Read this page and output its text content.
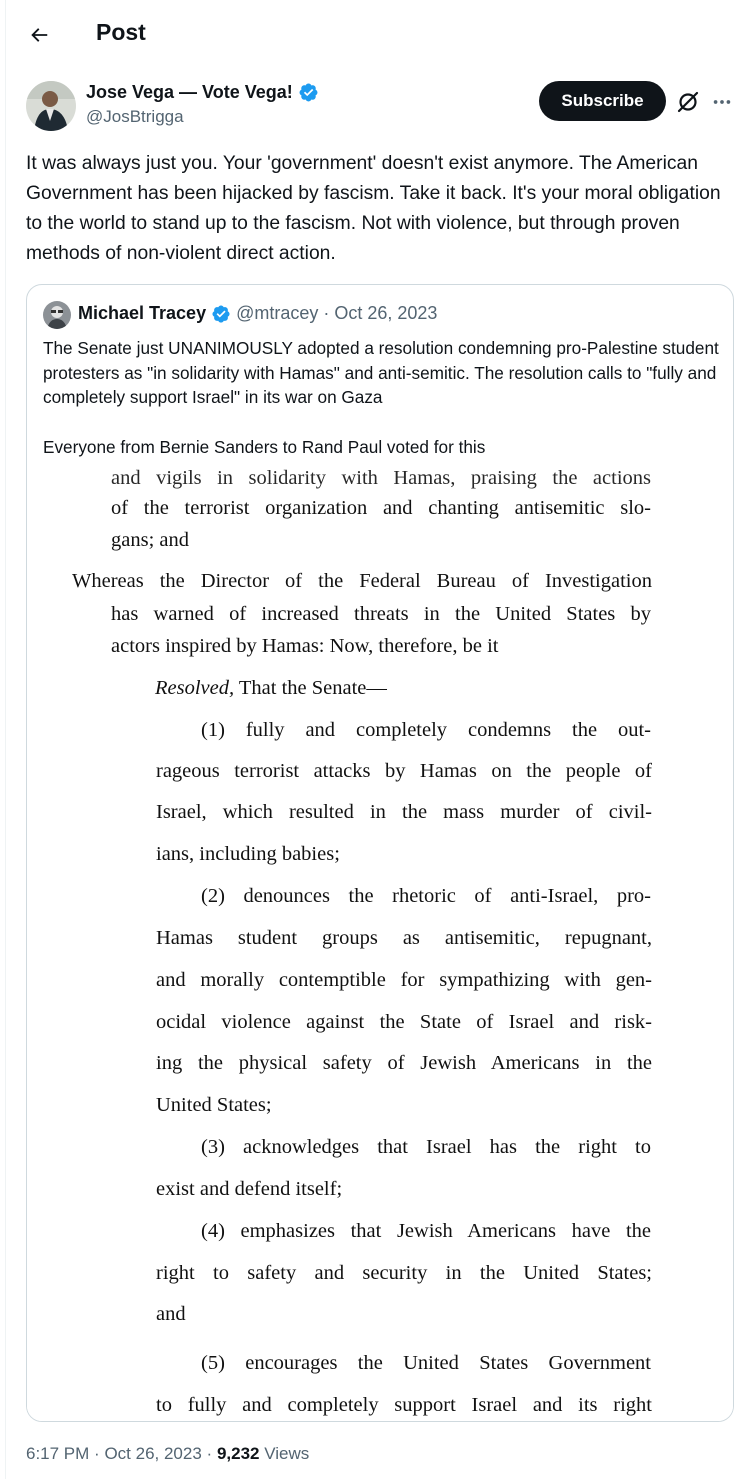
Post
Jose Vega — Vote Vega!
@JosBtrigga
Subscribe

It was always just you. Your 'government' doesn't exist anymore. The American Government has been hijacked by fascism. Take it back. It's your moral obligation to the world to stand up to the fascism. Not with violence, but through proven methods of non-violent direct action.

Michael Tracey @mtracey · Oct 26, 2023

The Senate just UNANIMOUSLY adopted a resolution condemning pro-Palestine student protesters as "in solidarity with Hamas" and anti-semitic. The resolution calls to "fully and completely support Israel" in its war on Gaza

Everyone from Bernie Sanders to Rand Paul voted for this

and vigils in solidarity with Hamas, praising the actions
of the terrorist organization and chanting antisemitic slo-
gans; and
Whereas the Director of the Federal Bureau of Investigation
has warned of increased threats in the United States by
actors inspired by Hamas: Now, therefore, be it
Resolved, That the Senate—
(1) fully and completely condemns the out-
rageous terrorist attacks by Hamas on the people of
Israel, which resulted in the mass murder of civil-
ians, including babies;
(2) denounces the rhetoric of anti-Israel, pro-
Hamas student groups as antisemitic, repugnant,
and morally contemptible for sympathizing with gen-
ocidal violence against the State of Israel and risk-
ing the physical safety of Jewish Americans in the
United States;
(3) acknowledges that Israel has the right to
exist and defend itself;
(4) emphasizes that Jewish Americans have the
right to safety and security in the United States;
and
(5) encourages the United States Government
to fully and completely support Israel and its right
6:17 PM · Oct 26, 2023 · 9,232 Views
